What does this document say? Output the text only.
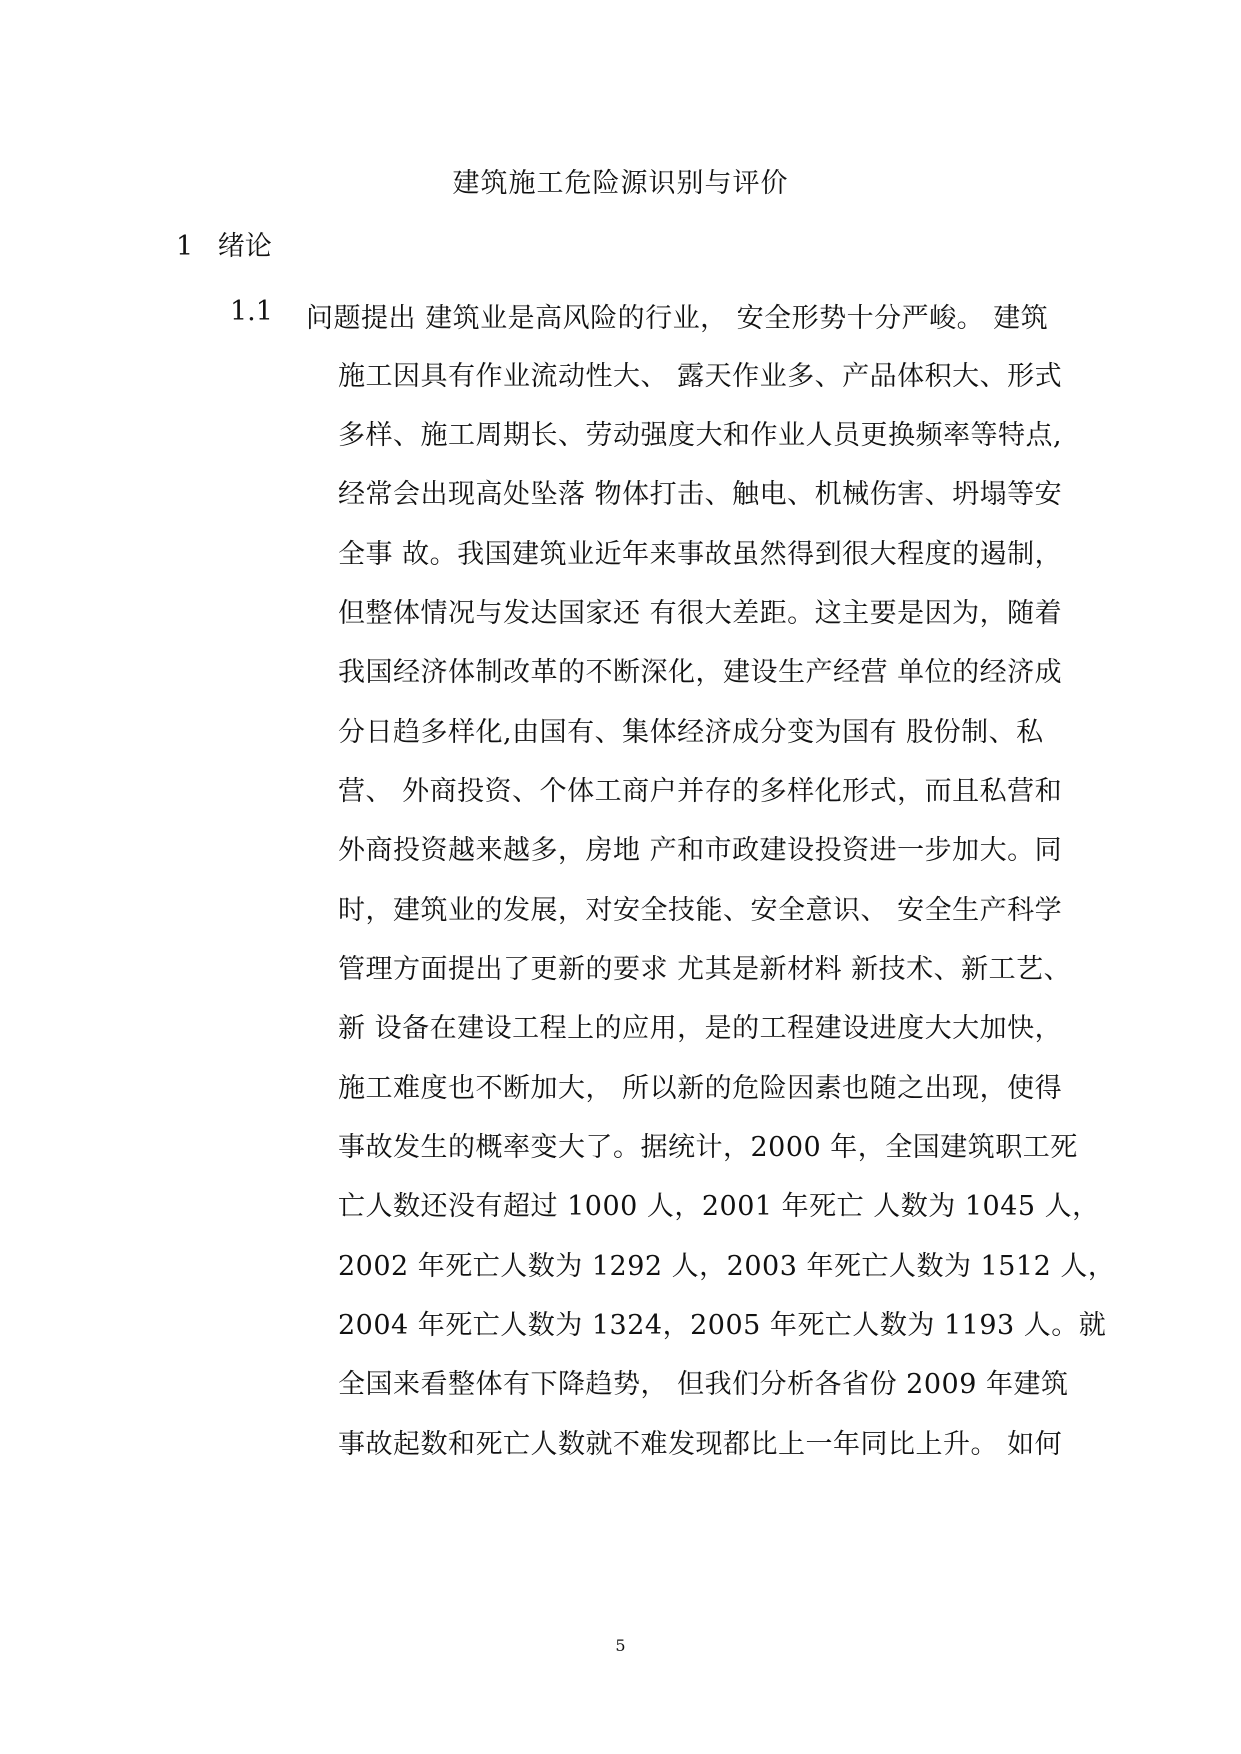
建筑施工危险源识别与评价
1 绪论
1.1 问题提出 建筑业是高风险的行业， 安全形势十分严峻。 建筑
施工因具有作业流动性大、 露天作业多、产品体积大、形式
多样、施工周期长、劳动强度大和作业人员更换频率等特点,
经常会出现高处坠落 物体打击、触电、机械伤害、坍塌等安
全事 故。我国建筑业近年来事故虽然得到很大程度的遏制，
但整体情况与发达国家还 有很大差距。这主要是因为，随着
我国经济体制改革的不断深化，建设生产经营 单位的经济成
分日趋多样化,由国有、集体经济成分变为国有 股份制、私
营、 外商投资、个体工商户并存的多样化形式，而且私营和
外商投资越来越多，房地 产和市政建设投资进一步加大。同
时，建筑业的发展，对安全技能、安全意识、 安全生产科学
管理方面提出了更新的要求 尤其是新材料 新技术、新工艺、
新 设备在建设工程上的应用，是的工程建设进度大大加快，
施工难度也不断加大， 所以新的危险因素也随之出现，使得
事故发生的概率变大了。据统计，2000 年，全国建筑职工死
亡人数还没有超过 1000 人，2001 年死亡 人数为 1045 人，
2002 年死亡人数为 1292 人，2003 年死亡人数为 1512 人，
2004 年死亡人数为 1324，2005 年死亡人数为 1193 人。就
全国来看整体有下降趋势， 但我们分析各省份 2009 年建筑
事故起数和死亡人数就不难发现都比上一年同比上升。 如何
5
